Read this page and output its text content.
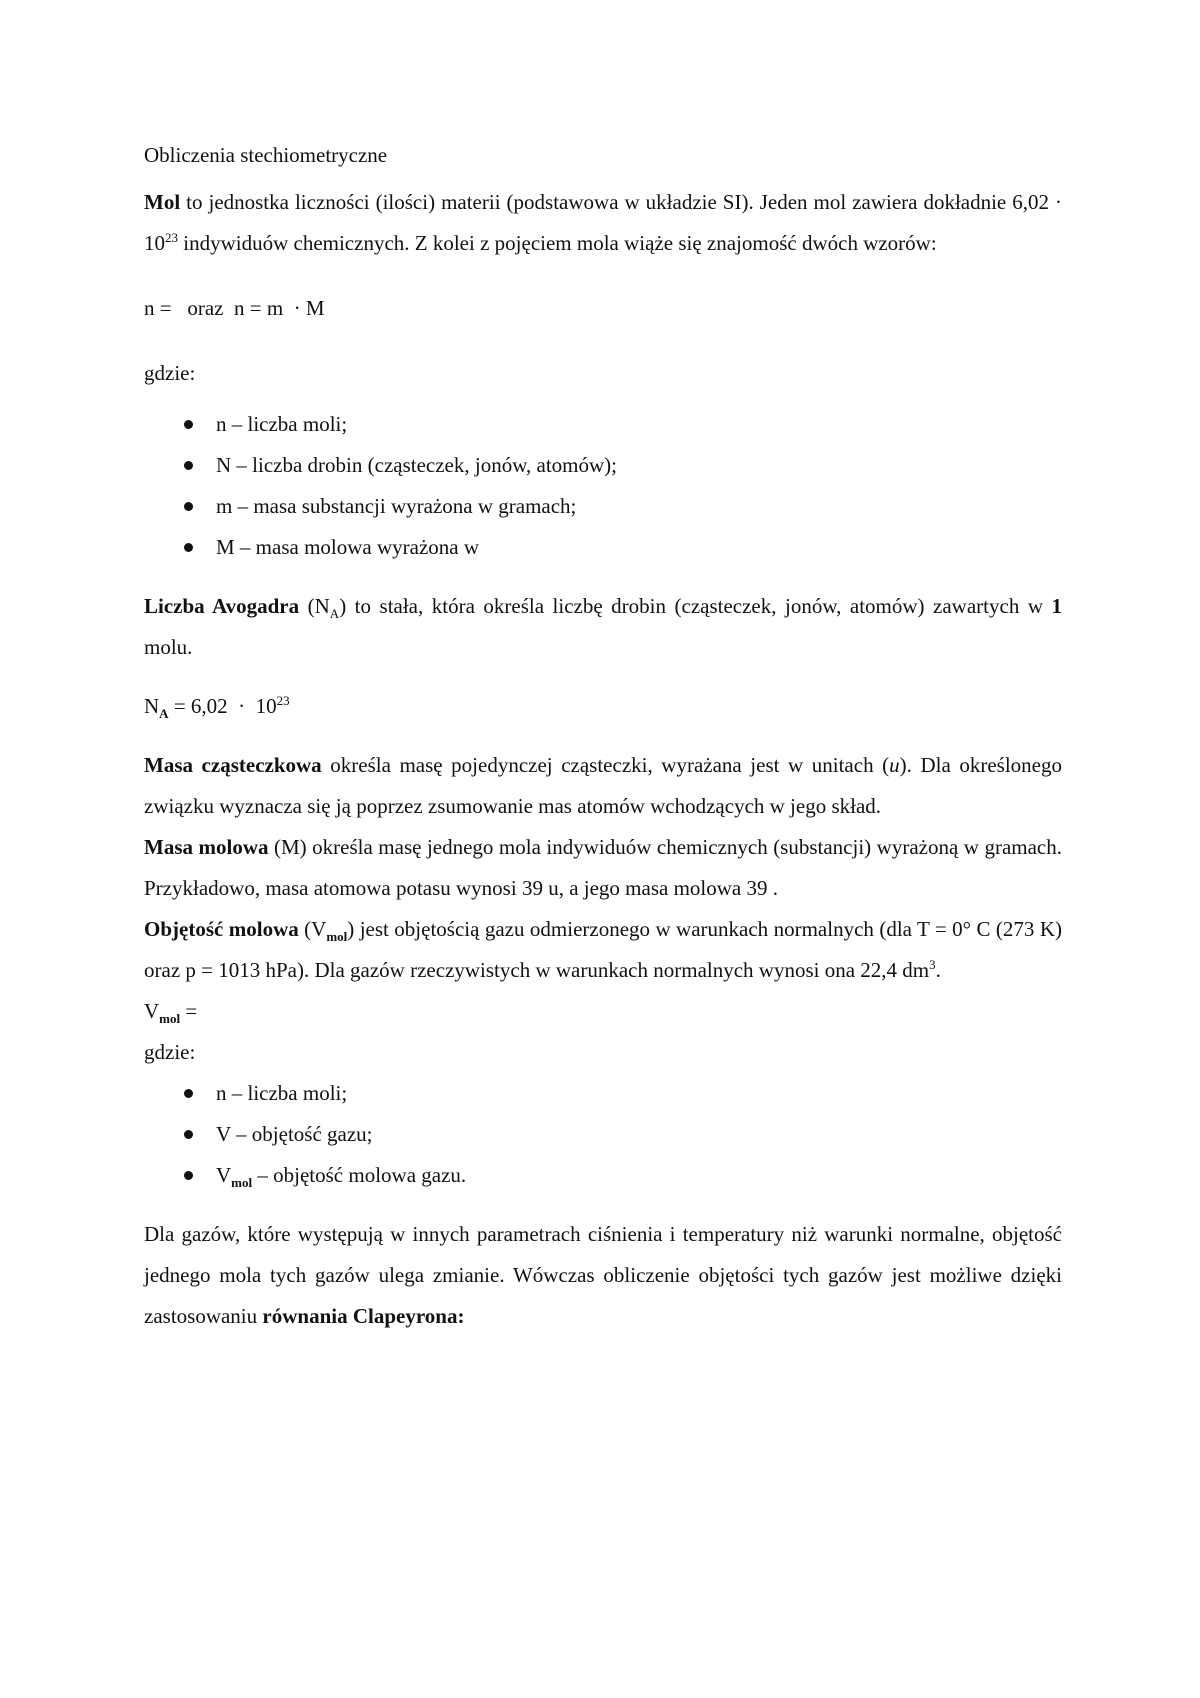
Obliczenia stechiometryczne

Mol to jednostka liczności (ilości) materii (podstawowa w układzie SI). Jeden mol zawiera dokładnie $6,02 \cdot 10^{23}$ indywiduów chemicznych. Z kolei z pojęciem mola wiąże się znajomość dwóch wzorów:

n =   oraz  n = m  · M

gdzie:

n – liczba moli;
N – liczba drobin (cząsteczek, jonów, atomów);
m – masa substancji wyrażona w gramach;
M – masa molowa wyrażona w

Liczba Avogadra $(N_A)$ to stała, która określa liczbę drobin (cząsteczek, jonów, atomów) zawartych w 1 molu.

$N_A = 6,02 \cdot 10^{23}$

Masa cząsteczkowa określa masę pojedynczej cząsteczki, wyrażana jest w unitach (u). Dla określonego związku wyznacza się ją poprzez zsumowanie mas atomów wchodzących w jego skład.

Masa molowa (M) określa masę jednego mola indywiduów chemicznych (substancji) wyrażoną w gramach. Przykładowo, masa atomowa potasu wynosi 39 u, a jego masa molowa 39 .

Objętość molowa $(V_{mol})$ jest objętością gazu odmierzonego w warunkach normalnych (dla T = 0° C (273 K) oraz p = 1013 hPa). Dla gazów rzeczywistych w warunkach normalnych wynosi ona 22,4 $dm^3$.

$V_{mol}$ =

gdzie:

n – liczba moli;
V – objętość gazu;
$V_{mol}$ – objętość molowa gazu.

Dla gazów, które występują w innych parametrach ciśnienia i temperatury niż warunki normalne, objętość jednego mola tych gazów ulega zmianie. Wówczas obliczenie objętości tych gazów jest możliwe dzięki zastosowaniu równania Clapeyrona:
